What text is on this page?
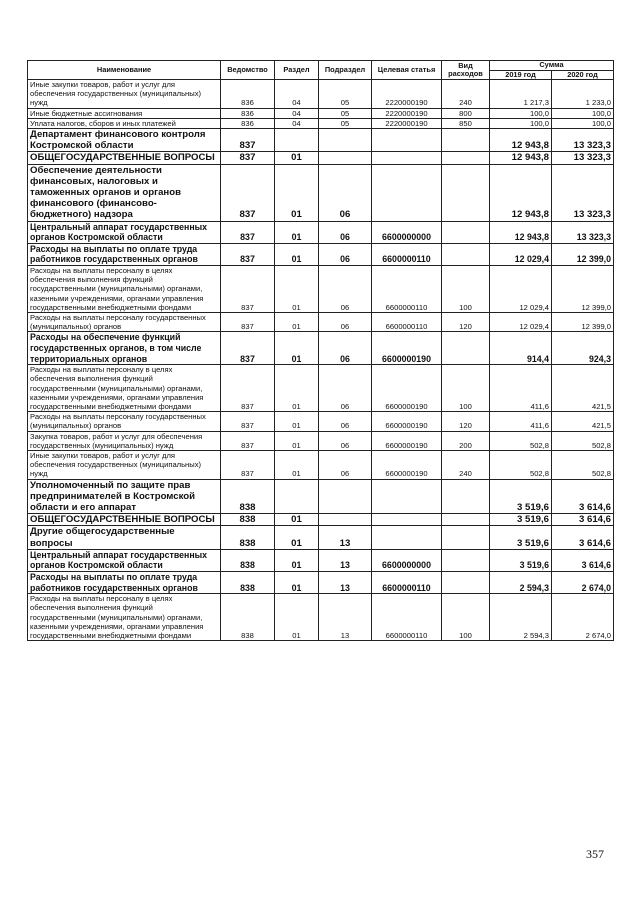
Наименование	Ведомство	Раздел	Подраздел	Целевая статья	Вид расходов	Сумма	
						2019 год	2020 год
Иные закупки товаров, работ и услуг для обеспечения государственных (муниципальных) нужд	836	04	05	2220000190	240	1 217,3	1 233,0
Иные бюджетные ассигнования	836	04	05	2220000190	800	100,0	100,0
Уплата налогов, сборов и иных платежей	836	04	05	2220000190	850	100,0	100,0
Департамент финансового контроля Костромской области	837					12 943,8	13 323,3
ОБЩЕГОСУДАРСТВЕННЫЕ ВОПРОСЫ	837	01				12 943,8	13 323,3
Обеспечение деятельности финансовых, налоговых и таможенных органов и органов финансового (финансово-бюджетного) надзора	837	01	06			12 943,8	13 323,3
Центральный аппарат государственных органов Костромской области	837	01	06	6600000000		12 943,8	13 323,3
Расходы на выплаты по оплате труда работников государственных органов	837	01	06	6600000110		12 029,4	12 399,0
Расходы на выплаты персоналу в целях обеспечения выполнения функций государственными (муниципальными) органами, казенными учреждениями, органами управления государственными внебюджетными фондами	837	01	06	6600000110	100	12 029,4	12 399,0
Расходы на выплаты персоналу государственных (муниципальных) органов	837	01	06	6600000110	120	12 029,4	12 399,0
Расходы на обеспечение функций государственных органов, в том числе территориальных органов	837	01	06	6600000190		914,4	924,3
Расходы на выплаты персоналу в целях обеспечения выполнения функций государственными (муниципальными) органами, казенными учреждениями, органами управления государственными внебюджетными фондами	837	01	06	6600000190	100	411,6	421,5
Расходы на выплаты персоналу государственных (муниципальных) органов	837	01	06	6600000190	120	411,6	421,5
Закупка товаров, работ и услуг для обеспечения государственных (муниципальных) нужд	837	01	06	6600000190	200	502,8	502,8
Иные закупки товаров, работ и услуг для обеспечения государственных (муниципальных) нужд	837	01	06	6600000190	240	502,8	502,8
Уполномоченный по защите прав предпринимателей в Костромской области и его аппарат	838					3 519,6	3 614,6
ОБЩЕГОСУДАРСТВЕННЫЕ ВОПРОСЫ	838	01				3 519,6	3 614,6
Другие общегосударственные вопросы	838	01	13			3 519,6	3 614,6
Центральный аппарат государственных органов Костромской области	838	01	13	6600000000		3 519,6	3 614,6
Расходы на выплаты по оплате труда работников государственных органов	838	01	13	6600000110		2 594,3	2 674,0
Расходы на выплаты персоналу в целях обеспечения выполнения функций государственными (муниципальными) органами, казенными учреждениями, органами управления государственными внебюджетными фондами	838	01	13	6600000110	100	2 594,3	2 674,0
357
